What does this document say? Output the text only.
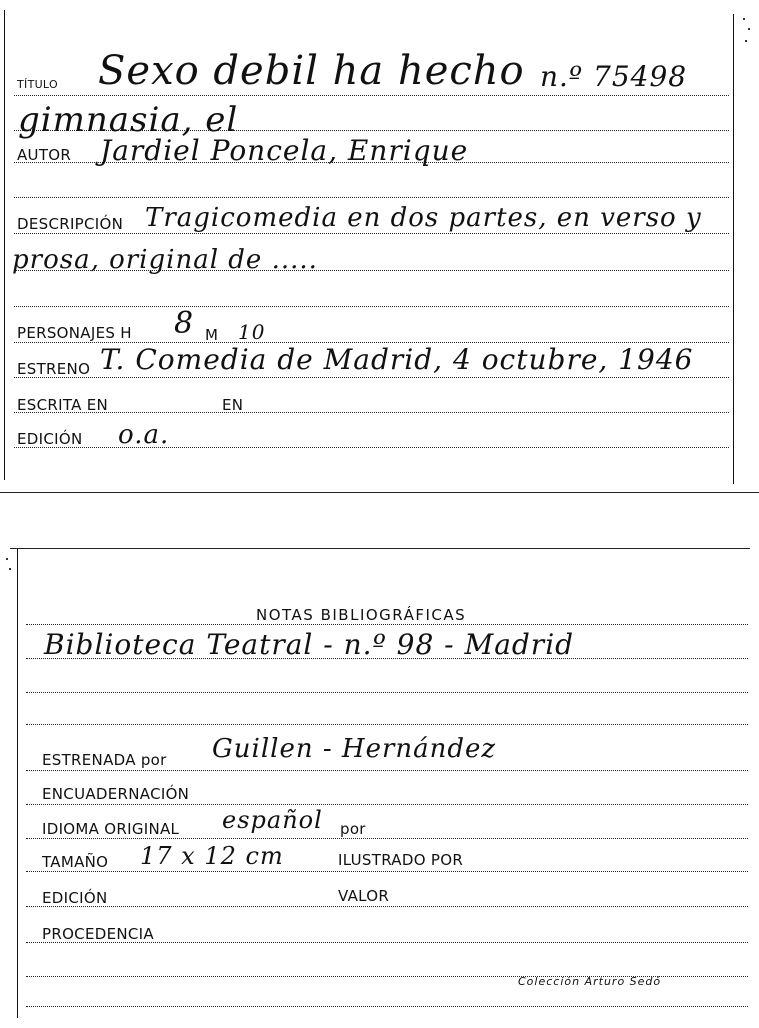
TÍTULO Sexo debil ha hecho n.º 75498
gimnasia, el
AUTOR Jardiel Poncela, Enrique
DESCRIPCIÓN Tragicomedia en dos partes, en verso y
prosa, original de .....
PERSONAJES H 8 M 10
ESTRENO T. Comedia de Madrid, 4 octubre, 1946
ESCRITA EN	EN
EDICIÓN o.a.
NOTAS BIBLIOGRÁFICAS
Biblioteca Teatral - n.º 98 - Madrid
ESTRENADA por Guillen - Hernández
ENCUADERNACIÓN
IDIOMA ORIGINAL español por
TAMAÑO 17 x 12 cm	ILUSTRADO POR
EDICIÓN	VALOR
PROCEDENCIA
Colección Arturo Sedó
